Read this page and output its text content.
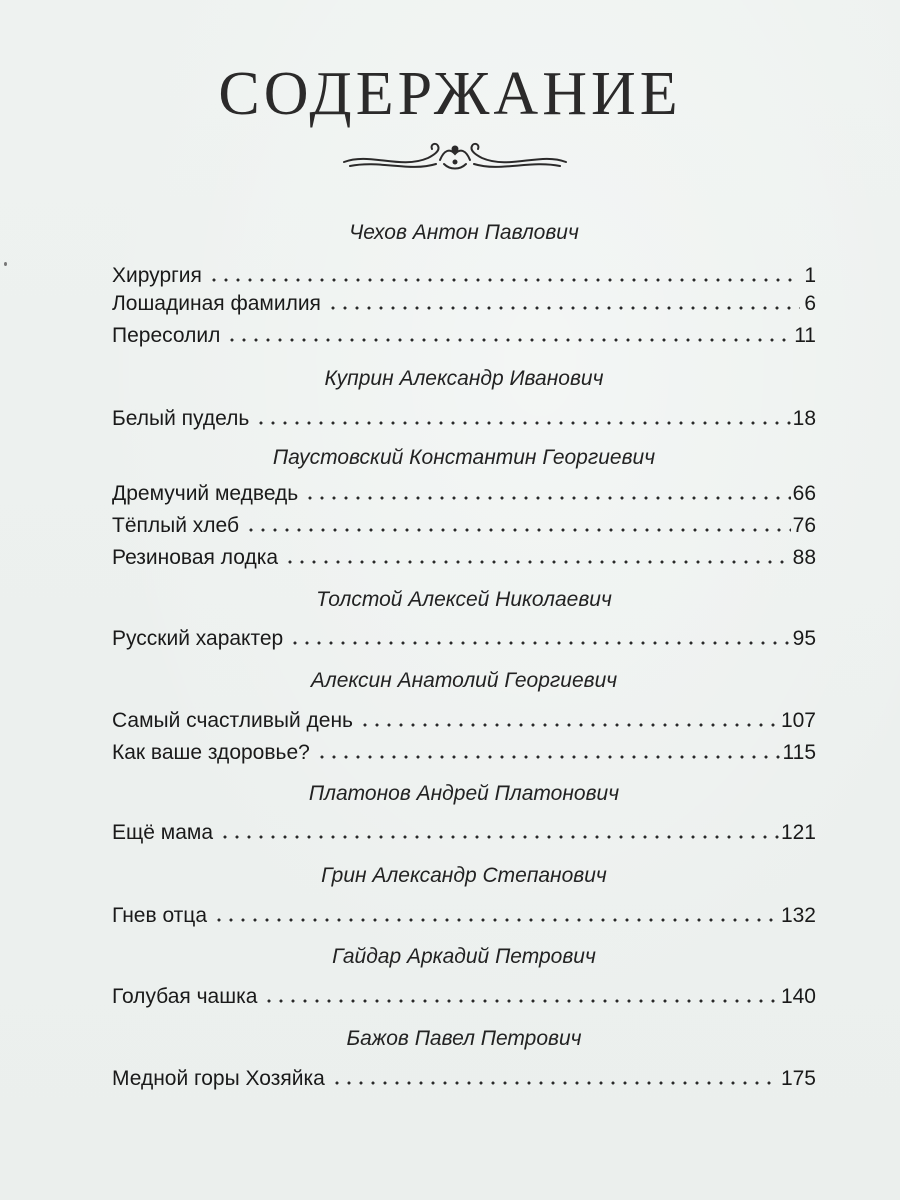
СОДЕРЖАНИЕ
Чехов Антон Павлович
Хирургия	1
Лошадиная фамилия	6
Пересолил	11
Куприн Александр Иванович
Белый пудель	18
Паустовский Константин Георгиевич
Дремучий медведь	66
Тёплый хлеб	76
Резиновая лодка	88
Толстой Алексей Николаевич
Русский характер	95
Алексин Анатолий Георгиевич
Самый счастливый день	107
Как ваше здоровье?	115
Платонов Андрей Платонович
Ещё мама	121
Грин Александр Степанович
Гнев отца	132
Гайдар Аркадий Петрович
Голубая чашка	140
Бажов Павел Петрович
Медной горы Хозяйка	175
